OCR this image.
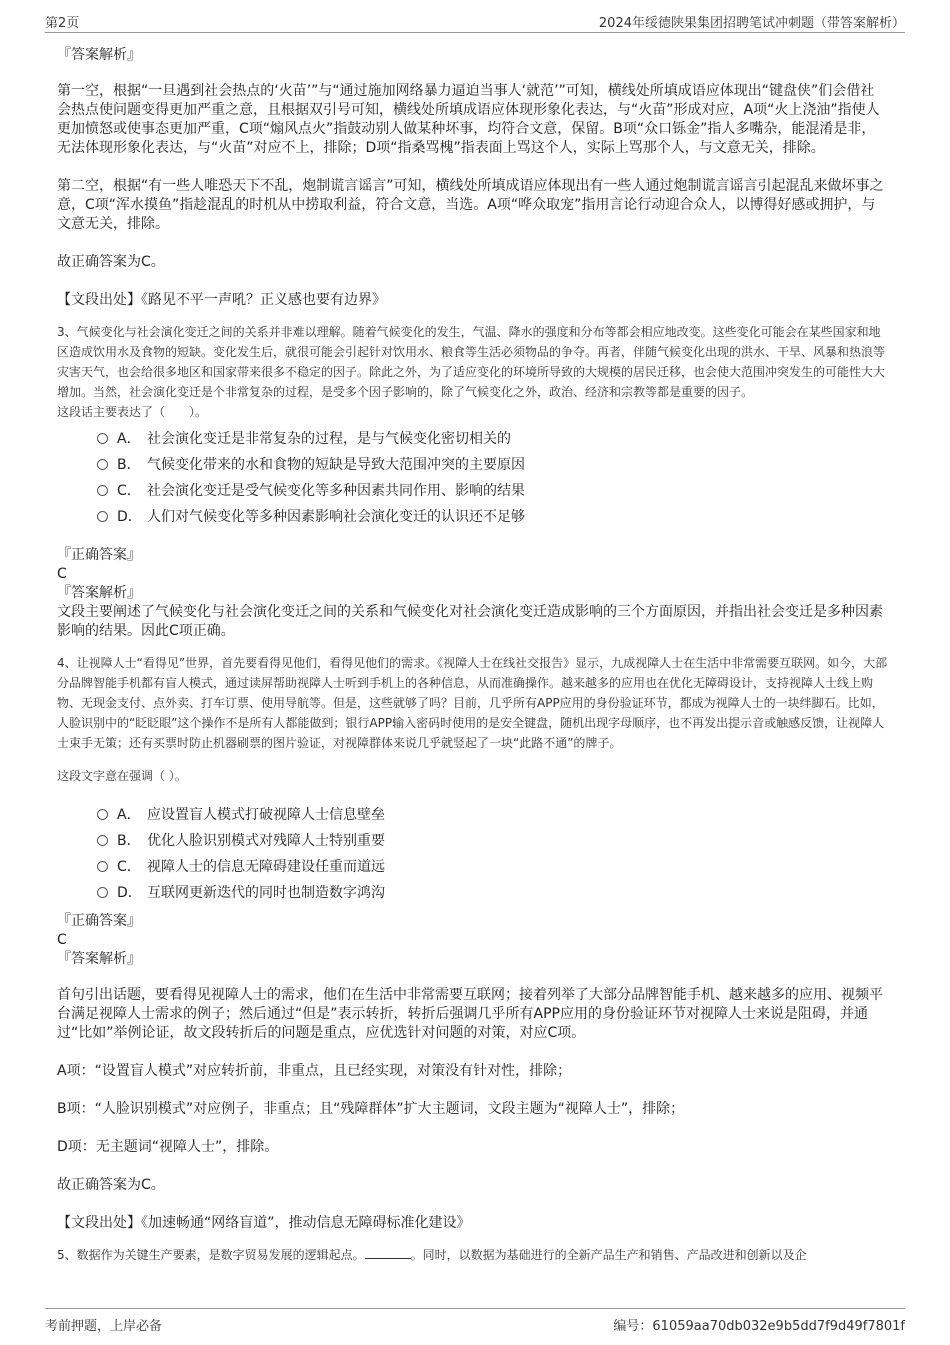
第2页	2024年绥德陕果集团招聘笔试冲刺题（带答案解析）
『答案解析』

第一空，根据“一旦遇到社会热点的‘火苗’”与“通过施加网络暴力逼迫当事人‘就范’”可知，横线处所填成语应体现出“键盘侠”们会借社会热点使问题变得更加严重之意，且根据双引号可知，横线处所填成语应体现形象化表达，与“火苗”形成对应，A项“火上浇油”指使人更加愤怒或使事态更加严重，C项“煽风点火”指鼓动别人做某种坏事，均符合文意，保留。B项“众口铄金”指人多嘴杂，能混淆是非，无法体现形象化表达，与“火苗”对应不上，排除；D项“指桑骂槐”指表面上骂这个人，实际上骂那个人，与文意无关，排除。

第二空，根据“有一些人唯恐天下不乱，炮制谎言谣言”可知，横线处所填成语应体现出有一些人通过炮制谎言谣言引起混乱来做坏事之意，C项“浑水摸鱼”指趁混乱的时机从中捞取利益，符合文意，当选。A项“哗众取宠”指用言论行动迎合众人，以博得好感或拥护，与文意无关，排除。

故正确答案为C。

【文段出处】《路见不平一声吼？正义感也要有边界》

3、气候变化与社会演化变迁之间的关系并非难以理解。随着气候变化的发生，气温、降水的强度和分布等都会相应地改变。这些变化可能会在某些国家和地区造成饮用水及食物的短缺。变化发生后，就很可能会引起针对饮用水、粮食等生活必须物品的争夺。再者，伴随气候变化出现的洪水、干旱、风暴和热浪等灾害天气，也会给很多地区和国家带来很多不稳定的因子。除此之外，为了适应变化的环境所导致的大规模的居民迁移，也会使大范围冲突发生的可能性大大增加。当然，社会演化变迁是个非常复杂的过程，是受多个因子影响的，除了气候变化之外，政治、经济和宗教等都是重要的因子。

这段话主要表达了（　　）。

A． 社会演化变迁是非常复杂的过程，是与气候变化密切相关的
B． 气候变化带来的水和食物的短缺是导致大范围冲突的主要原因
C． 社会演化变迁是受气候变化等多种因素共同作用、影响的结果
D． 人们对气候变化等多种因素影响社会演化变迁的认识还不足够
『正确答案』
C
『答案解析』

文段主要阐述了气候变化与社会演化变迁之间的关系和气候变化对社会演化变迁造成影响的三个方面原因，并指出社会变迁是多种因素影响的结果。因此C项正确。

4、让视障人士“看得见”世界，首先要看得见他们，看得见他们的需求。《视障人士在线社交报告》显示，九成视障人士在生活中非常需要互联网。如今，大部分品牌智能手机都有盲人模式，通过读屏帮助视障人士听到手机上的各种信息，从而准确操作。越来越多的应用也在优化无障碍设计，支持视障人士线上购物、无现金支付、点外卖、打车订票、使用导航等。但是，这些就够了吗？目前，几乎所有APP应用的身份验证环节，都成为视障人士的一块绊脚石。比如，人脸识别中的“眨眨眼”这个操作不是所有人都能做到；银行APP输入密码时使用的是安全键盘，随机出现字母顺序，也不再发出提示音或触感反馈，让视障人士束手无策；还有买票时防止机器刷票的图片验证，对视障群体来说几乎就竖起了一块“此路不通”的牌子。

这段文字意在强调（ ）。

A． 应设置盲人模式打破视障人士信息壁垒
B． 优化人脸识别模式对残障人士特别重要
C． 视障人士的信息无障碍建设任重而道远
D． 互联网更新迭代的同时也制造数字鸿沟
『正确答案』
C
『答案解析』

首句引出话题，要看得见视障人士的需求，他们在生活中非常需要互联网；接着列举了大部分品牌智能手机、越来越多的应用、视频平台满足视障人士需求的例子；然后通过“但是”表示转折，转折后强调几乎所有APP应用的身份验证环节对视障人士来说是阻碍，并通过“比如”举例论证，故文段转折后的问题是重点，应优选针对问题的对策，对应C项。

A项：“设置盲人模式”对应转折前，非重点，且已经实现，对策没有针对性，排除；

B项：“人脸识别模式”对应例子，非重点；且“残障群体”扩大主题词，文段主题为“视障人士”，排除；

D项：无主题词“视障人士”，排除。

故正确答案为C。

【文段出处】《加速畅通“网络盲道”，推动信息无障碍标准化建设》

5、数据作为关键生产要素，是数字贸易发展的逻辑起点。	。同时，以数据为基础进行的全新产品生产和销售、产品改进和创新以及企

考前押题，上岸必备	编号：61059aa70db032e9b5dd7f9d49f7801f
